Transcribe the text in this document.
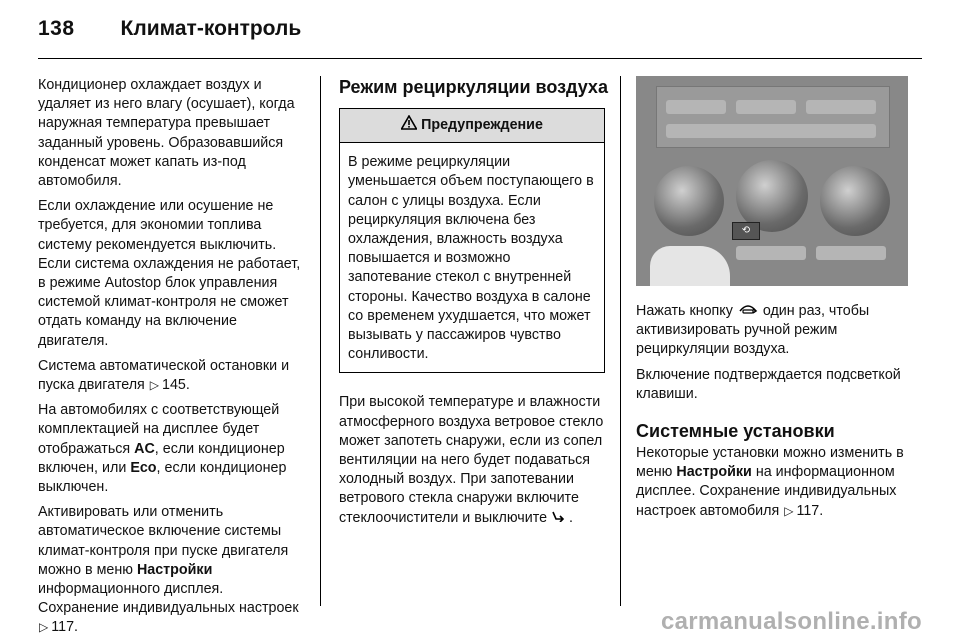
138 Климат-контроль

Кондиционер охлаждает воздух и удаляет из него влагу (осушает), когда наружная температура превышает заданный уровень. Образовавшийся конденсат может капать из-под автомобиля.

Если охлаждение или осушение не требуется, для экономии топлива систему рекомендуется выключить. Если система охлаждения не работает, в режиме Autostop блок управления системой климат-контроля не сможет отдать команду на включение двигателя.

Система автоматической остановки и пуска двигателя ▷ 145.

На автомобилях с соответствующей комплектацией на дисплее будет отображаться AC, если кондиционер включен, или Eco, если кондиционер выключен.

Активировать или отменить автоматическое включение системы климат-контроля при пуске двигателя можно в меню Настройки информационного дисплея. Сохранение индивидуальных настроек ▷ 117.

Режим рециркуляции воздуха
Предупреждение
В режиме рециркуляции уменьшается объем поступающего в салон с улицы воздуха. Если рециркуляция включена без охлаждения, влажность воздуха повышается и возможно запотевание стекол с внутренней стороны. Качество воздуха в салоне со временем ухудшается, что может вызывать у пассажиров чувство сонливости.

При высокой температуре и влажности атмосферного воздуха ветровое стекло может запотеть снаружи, если из сопел вентиляции на него будет подаваться холодный воздух. При запотевании ветрового стекла снаружи включите стеклоочистители и выключите .

⟲

Нажать кнопку один раз, чтобы активизировать ручной режим рециркуляции воздуха.

Включение подтверждается подсветкой клавиши.

Системные установки

Некоторые установки можно изменить в меню Настройки на информационном дисплее. Сохранение индивидуальных настроек автомобиля ▷ 117.

carmanualsonline.info
